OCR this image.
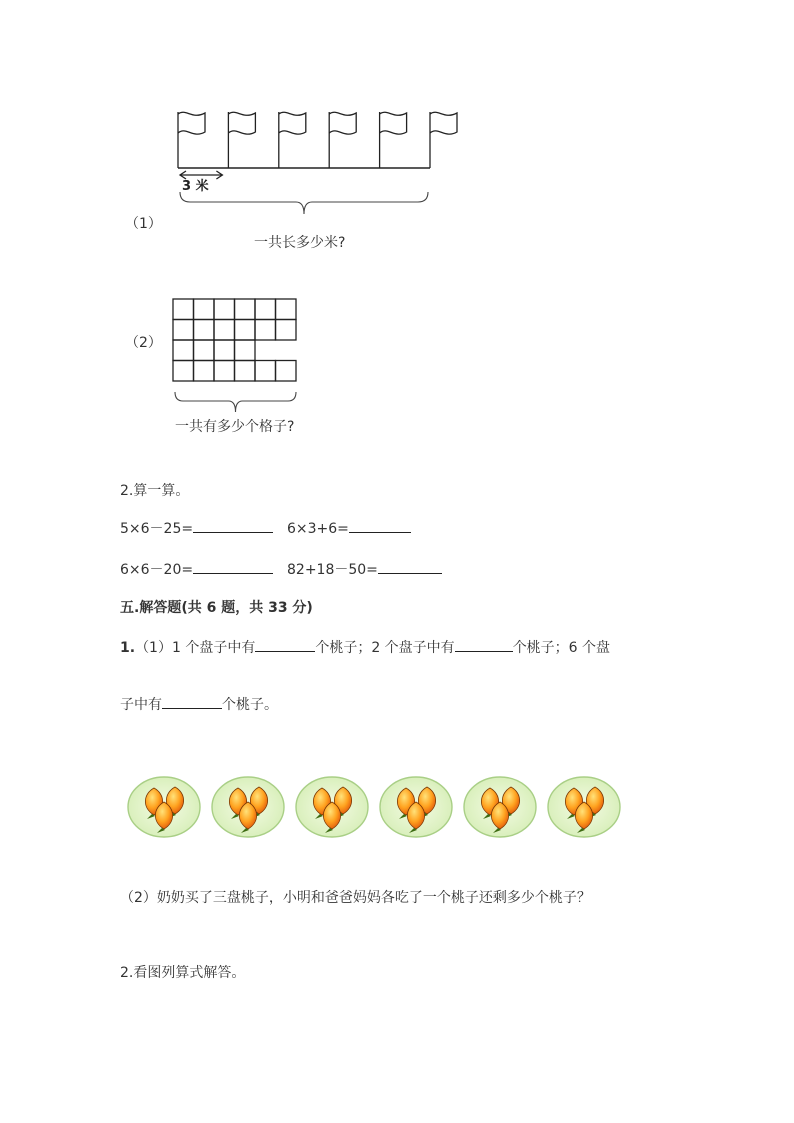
（1）
3 米
一共长多少米?
（2）
一共有多少个格子?
2.算一算。
5×6－25=	6×3+6=
6×6－20=	82+18－50=
五.解答题(共 6 题，共 33 分)
1.（1）1 个盘子中有	个桃子；2 个盘子中有	个桃子；6 个盘
子中有	个桃子。
（2）奶奶买了三盘桃子，小明和爸爸妈妈各吃了一个桃子还剩多少个桃子？
2.看图列算式解答。
